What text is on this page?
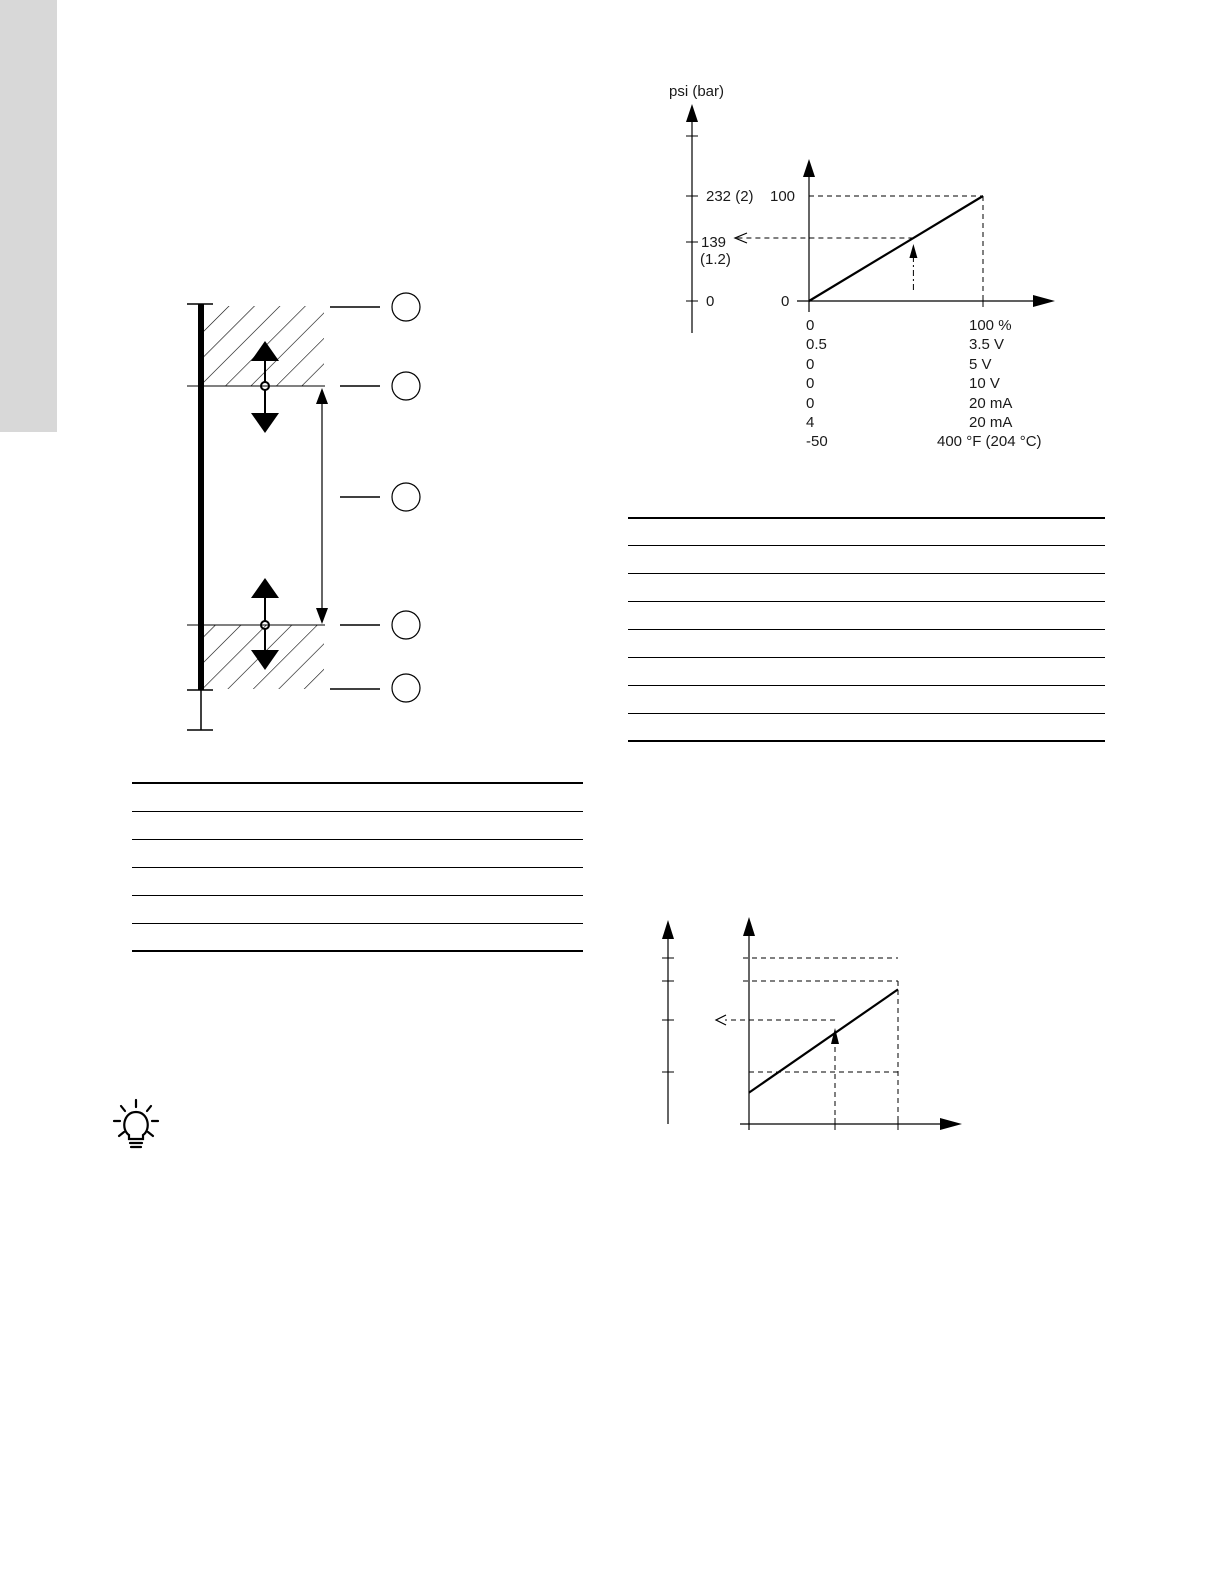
psi (bar)
232 (2)
139
(1.2)
0
100
0
0	100 %
0.5	3.5 V
0	5 V
0	10 V
0	20 mA
4	20 mA
-50	400 °F (204 °C)
